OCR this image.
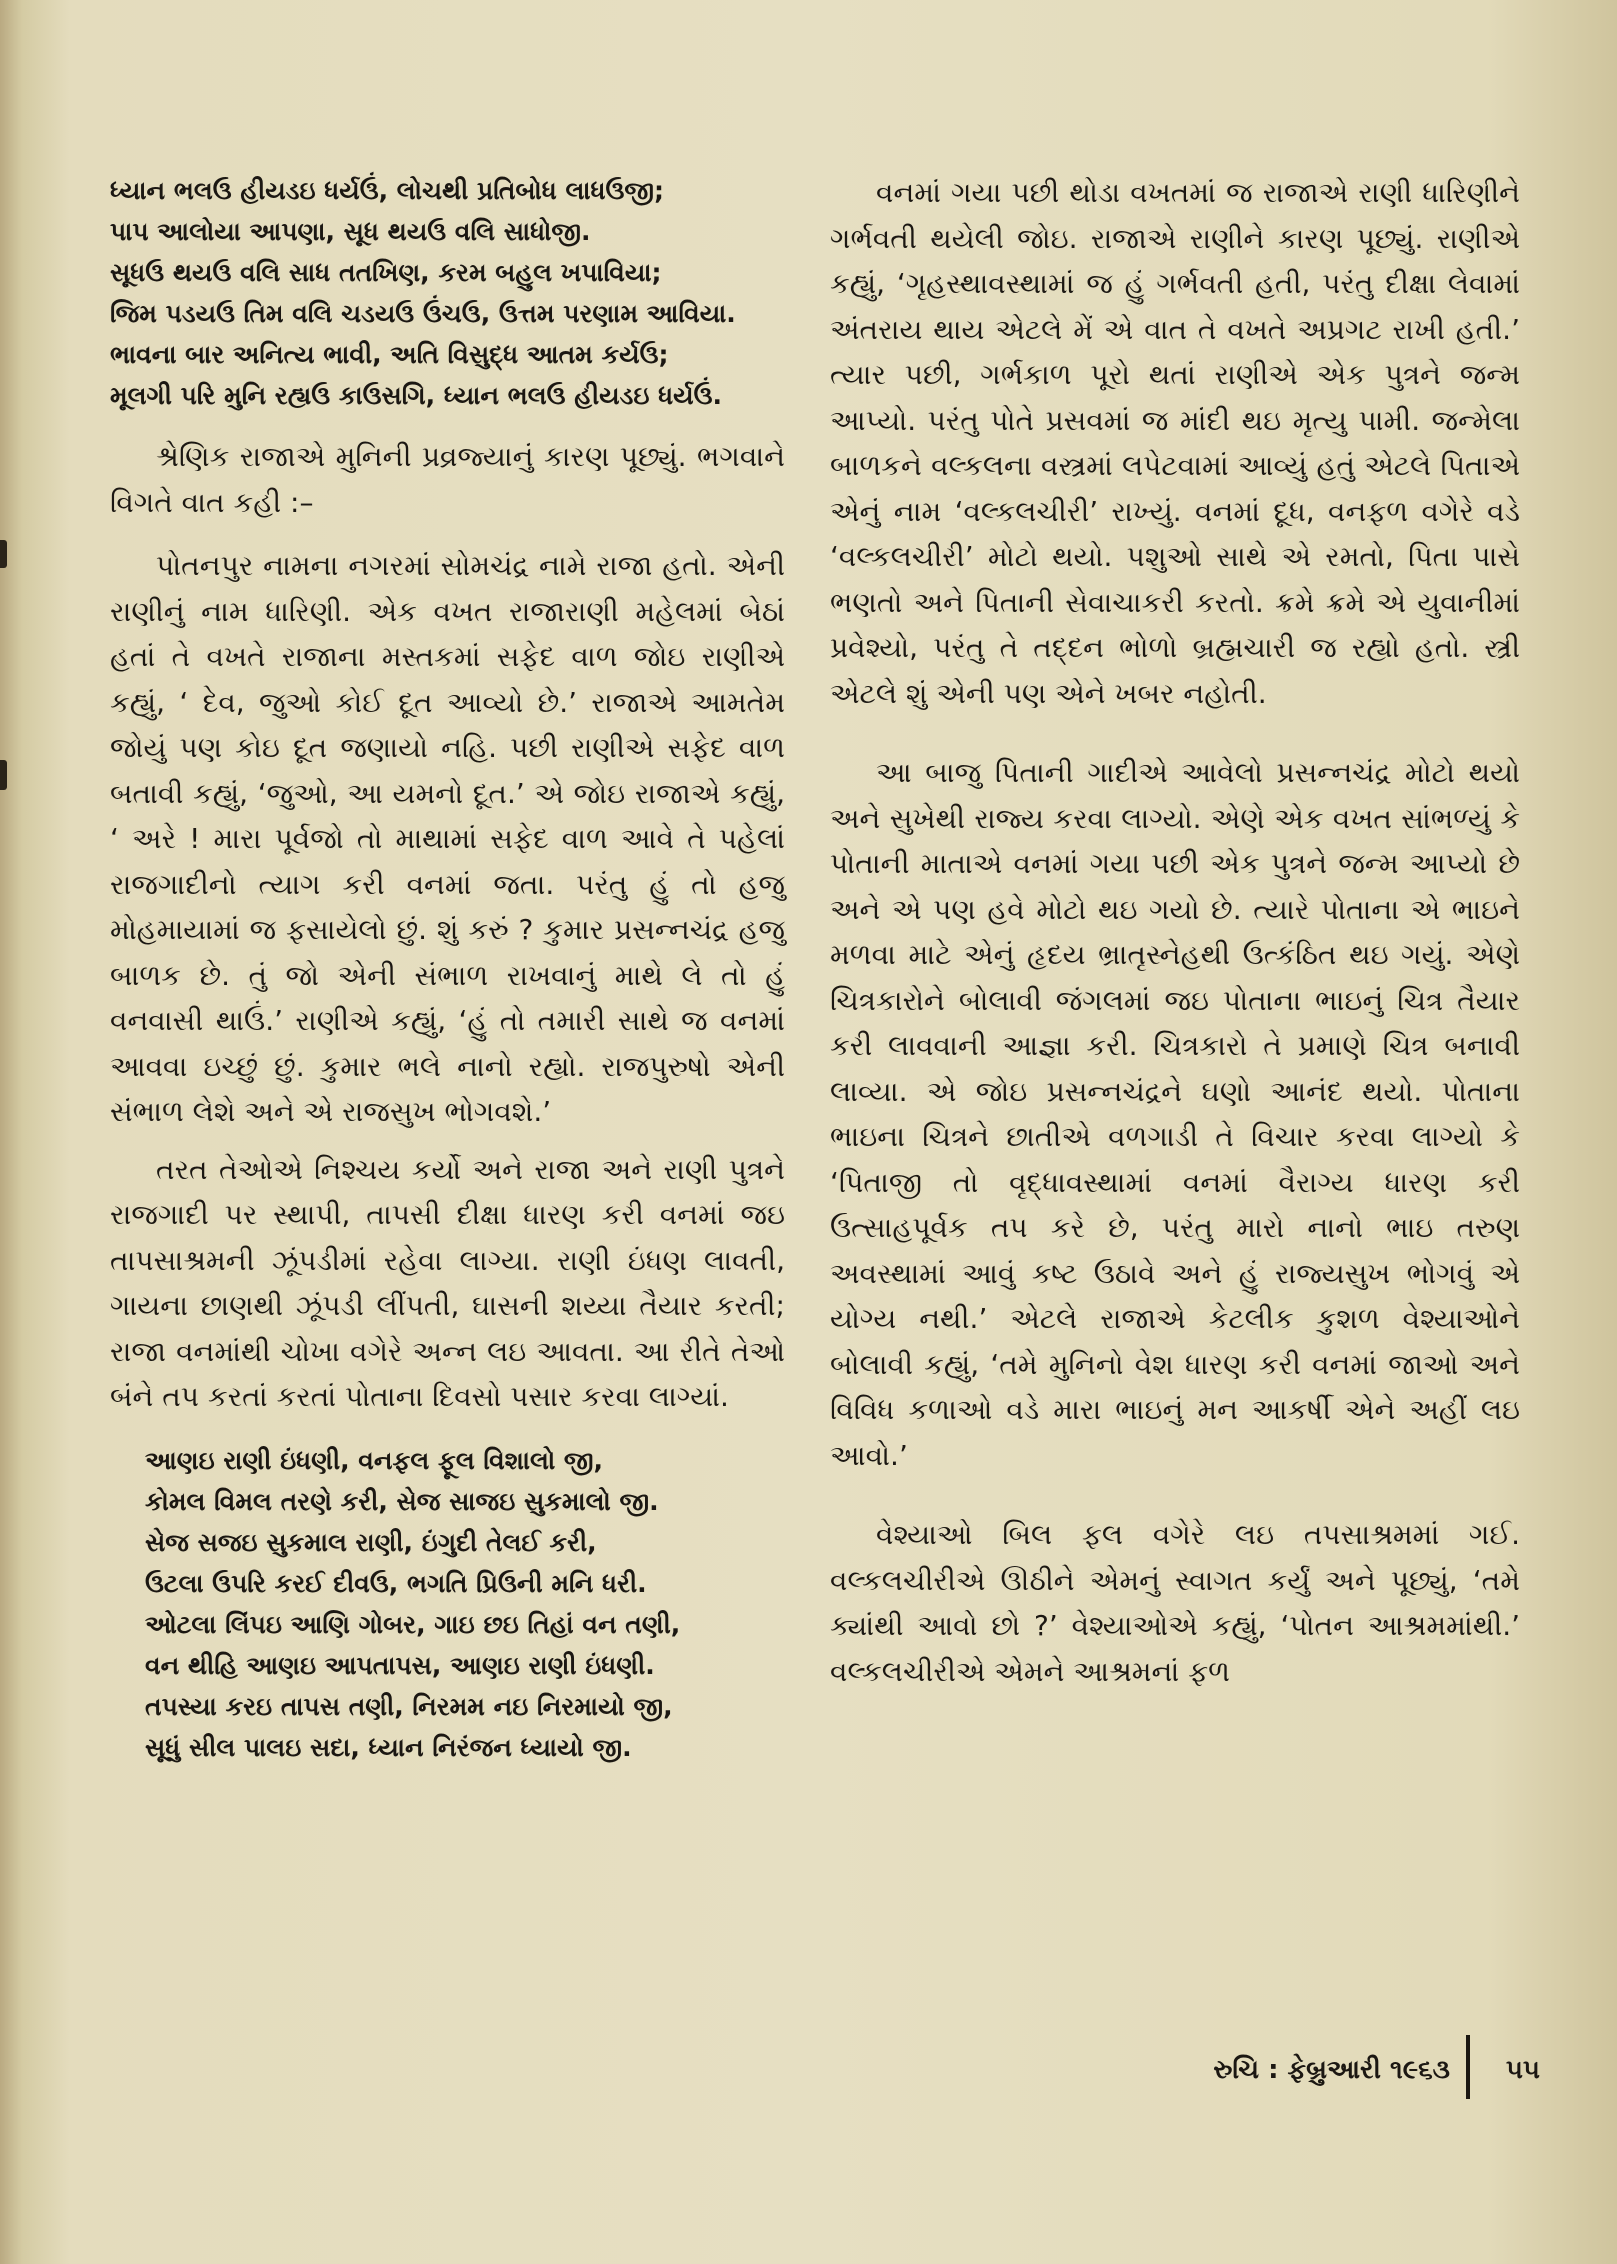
ધ્યાન ભલઉ હીયડઇ ધર્યઉં, લોચથી પ્રતિબોધ લાધઉજી;
પાપ આલોયા આપણા, સૂધ થયઉ વલિ સાધોજી.
સૂધઉ થયઉ વલિ સાધ તતખિણ, કરમ બહુલ ખપાવિયા;
જિમ પડયઉ તિમ વલિ ચડયઉ ઉંચઉ, ઉત્તમ પરણામ આવિયા.
ભાવના બાર અનિત્ય ભાવી, અતિ વિસુદ્ધ આતમ કર્યઉ;
મૂલગી પરિ મુનિ રહ્યઉ કાઉસગિ, ધ્યાન ભલઉ હીયડઇ ધર્યઉં.

શ્રેણિક રાજાએ મુનિની પ્રવ્રજ્યાનું કારણ પૂછ્યું. ભગવાને વિગતે વાત કહી :–

પોતનપુર નામના નગરમાં સોમચંદ્ર નામે રાજા હતો. એની રાણીનું નામ ધારિણી. એક વખત રાજારાણી મહેલમાં બેઠાં હતાં તે વખતે રાજાના મસ્તકમાં સફેદ વાળ જોઇ રાણીએ કહ્યું, ‘ દેવ, જુઓ કોઈ દૂત આવ્યો છે.’ રાજાએ આમતેમ જોયું પણ કોઇ દૂત જણાયો નહિ. પછી રાણીએ સફેદ વાળ બતાવી કહ્યું, ‘જુઓ, આ યમનો દૂત.’ એ જોઇ રાજાએ કહ્યું, ‘ અરે ! મારા પૂર્વજો તો માથામાં સફેદ વાળ આવે તે પહેલાં રાજગાદીનો ત્યાગ કરી વનમાં જતા. પરંતુ હું તો હજુ મોહમાયામાં જ ફસાયેલો છું. શું કરું ? કુમાર પ્રસન્નચંદ્ર હજુ બાળક છે. તું જો એની સંભાળ રાખવાનું માથે લે તો હું વનવાસી થાઉં.’ રાણીએ કહ્યું, ‘હું તો તમારી સાથે જ વનમાં આવવા ઇચ્છું છું. કુમાર ભલે નાનો રહ્યો. રાજપુરુષો એની સંભાળ લેશે અને એ રાજસુખ ભોગવશે.’

તરત તેઓએ નિશ્ચય કર્યો અને રાજા અને રાણી પુત્રને રાજગાદી પર સ્થાપી, તાપસી દીક્ષા ધારણ કરી વનમાં જઇ તાપસાશ્રમની ઝૂંપડીમાં રહેવા લાગ્યા. રાણી ઇંધણ લાવતી, ગાયના છાણથી ઝૂંપડી લીંપતી, ઘાસની શય્યા તૈયાર કરતી; રાજા વનમાંથી ચોખા વગેરે અન્ન લઇ આવતા. આ રીતે તેઓ બંને તપ કરતાં કરતાં પોતાના દિવસો પસાર કરવા લાગ્યાં.

આણઇ રાણી ઇંધણી, વનફલ ફૂલ વિશાલો જી,
કોમલ વિમલ તરણે કરી, સેજ સાજઇ સુકમાલો જી.
સેજ સજઇ સુકમાલ રાણી, ઇંગુદી તેલઈ કરી,
ઉટલા ઉપરિ કરઈ દીવઉ, ભગતિ પ્રિઉની મનિ ધરી.
ઓટલા લિંપઇ આણિ ગોબર, ગાઇ છઇ તિહાં વન તણી,
વન થીહિ આણઇ આપતાપસ, આણઇ રાણી ઇંધણી.
તપસ્યા કરઇ તાપસ તણી, નિરમમ નઇ નિરમાયો જી,
સૂધું સીલ પાલઇ સદા, ધ્યાન નિરંજન ધ્યાયો જી.

વનમાં ગયા પછી થોડા વખતમાં જ રાજાએ રાણી ધારિણીને ગર્ભવતી થયેલી જોઇ. રાજાએ રાણીને કારણ પૂછ્યું. રાણીએ કહ્યું, ‘ગૃહસ્થાવસ્થામાં જ હું ગર્ભવતી હતી, પરંતુ દીક્ષા લેવામાં અંતરાય થાય એટલે મેં એ વાત તે વખતે અપ્રગટ રાખી હતી.’ ત્યાર પછી, ગર્ભકાળ પૂરો થતાં રાણીએ એક પુત્રને જન્મ આપ્યો. પરંતુ પોતે પ્રસવમાં જ માંદી થઇ મૃત્યુ પામી. જન્મેલા બાળકને વલ્કલના વસ્ત્રમાં લપેટવામાં આવ્યું હતું એટલે પિતાએ એનું નામ ‘વલ્કલચીરી’ રાખ્યું. વનમાં દૂધ, વનફળ વગેરે વડે ‘વલ્કલચીરી’ મોટો થયો. પશુઓ સાથે એ રમતો, પિતા પાસે ભણતો અને પિતાની સેવાચાકરી કરતો. ક્રમે ક્રમે એ યુવાનીમાં પ્રવેશ્યો, પરંતુ તે તદ્દન ભોળો બ્રહ્મચારી જ રહ્યો હતો. સ્ત્રી એટલે શું એની પણ એને ખબર નહોતી.

આ બાજુ પિતાની ગાદીએ આવેલો પ્રસન્નચંદ્ર મોટો થયો અને સુખેથી રાજ્ય કરવા લાગ્યો. એણે એક વખત સાંભળ્યું કે પોતાની માતાએ વનમાં ગયા પછી એક પુત્રને જન્મ આપ્યો છે અને એ પણ હવે મોટો થઇ ગયો છે. ત્યારે પોતાના એ ભાઇને મળવા માટે એનું હૃદય ભ્રાતૃસ્નેહથી ઉત્કંઠિત થઇ ગયું. એણે ચિત્રકારોને બોલાવી જંગલમાં જઇ પોતાના ભાઇનું ચિત્ર તૈયાર કરી લાવવાની આજ્ઞા કરી. ચિત્રકારો તે પ્રમાણે ચિત્ર બનાવી લાવ્યા. એ જોઇ પ્રસન્નચંદ્રને ઘણો આનંદ થયો. પોતાના ભાઇના ચિત્રને છાતીએ વળગાડી તે વિચાર કરવા લાગ્યો કે ‘પિતાજી તો વૃદ્ધાવસ્થામાં વનમાં વૈરાગ્ય ધારણ કરી ઉત્સાહપૂર્વક તપ કરે છે, પરંતુ મારો નાનો ભાઇ તરુણ અવસ્થામાં આવું કષ્ટ ઉઠાવે અને હું રાજ્યસુખ ભોગવું એ યોગ્ય નથી.’ એટલે રાજાએ કેટલીક કુશળ વેશ્યાઓને બોલાવી કહ્યું, ‘તમે મુનિનો વેશ ધારણ કરી વનમાં જાઓ અને વિવિધ કળાઓ વડે મારા ભાઇનું મન આકર્ષી એને અહીં લઇ આવો.’

વેશ્યાઓ બિલ ફલ વગેરે લઇ તપસાશ્રમમાં ગઈ. વલ્કલચીરીએ ઊઠીને એમનું સ્વાગત કર્યું અને પૂછ્યું, ‘તમે ક્યાંથી આવો છો ?’ વેશ્યાઓએ કહ્યું, ‘પોતન આશ્રમમાંથી.’ વલ્કલચીરીએ એમને આશ્રમનાં ફળ

રુચિ : ફેબ્રુઆરી ૧૯૬૩ ૫૫
